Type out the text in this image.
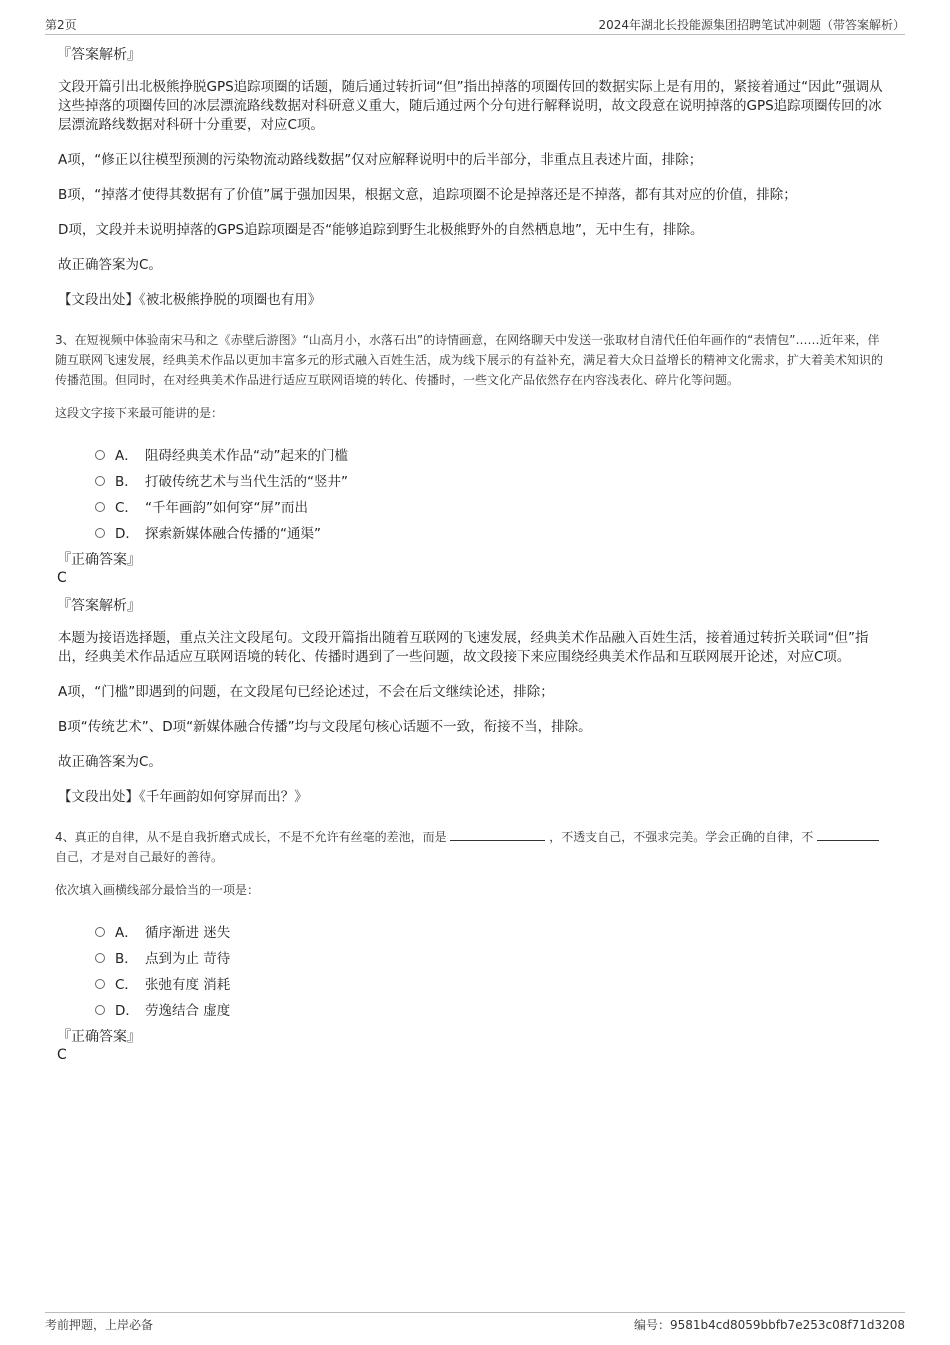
第2页	2024年湖北长投能源集团招聘笔试冲刺题（带答案解析）
『答案解析』
文段开篇引出北极熊挣脱GPS追踪项圈的话题，随后通过转折词“但”指出掉落的项圈传回的数据实际上是有用的，紧接着通过“因此”强调从这些掉落的项圈传回的冰层漂流路线数据对科研意义重大，随后通过两个分句进行解释说明，故文段意在说明掉落的GPS追踪项圈传回的冰层漂流路线数据对科研十分重要，对应C项。
A项，“修正以往模型预测的污染物流动路线数据”仅对应解释说明中的后半部分，非重点且表述片面，排除；
B项，“掉落才使得其数据有了价值”属于强加因果，根据文意，追踪项圈不论是掉落还是不掉落，都有其对应的价值，排除；
D项，文段并未说明掉落的GPS追踪项圈是否“能够追踪到野生北极熊野外的自然栖息地”，无中生有，排除。
故正确答案为C。
【文段出处】《被北极熊挣脱的项圈也有用》
3、在短视频中体验南宋马和之《赤壁后游图》“山高月小，水落石出”的诗情画意，在网络聊天中发送一张取材自清代任伯年画作的“表情包”……近年来，伴随互联网飞速发展，经典美术作品以更加丰富多元的形式融入百姓生活，成为线下展示的有益补充，满足着大众日益增长的精神文化需求，扩大着美术知识的传播范围。但同时，在对经典美术作品进行适应互联网语境的转化、传播时，一些文化产品依然存在内容浅表化、碎片化等问题。
这段文字接下来最可能讲的是：
A． 阻碍经典美术作品“动”起来的门槛
B． 打破传统艺术与当代生活的“竖井”
C． “千年画韵”如何穿“屏”而出
D． 探索新媒体融合传播的“通渠”
『正确答案』
C
『答案解析』
本题为接语选择题，重点关注文段尾句。文段开篇指出随着互联网的飞速发展，经典美术作品融入百姓生活，接着通过转折关联词“但”指出，经典美术作品适应互联网语境的转化、传播时遇到了一些问题，故文段接下来应围绕经典美术作品和互联网展开论述，对应C项。
A项，“门槛”即遇到的问题，在文段尾句已经论述过，不会在后文继续论述，排除；
B项“传统艺术”、D项“新媒体融合传播”均与文段尾句核心话题不一致，衔接不当，排除。
故正确答案为C。
【文段出处】《千年画韵如何穿屏而出？》
4、真正的自律，从不是自我折磨式成长，不是不允许有丝毫的差池，而是	，不透支自己，不强求完美。学会正确的自律，不 自己，才是对自己最好的善待。
依次填入画横线部分最恰当的一项是：
A． 循序渐进 迷失
B． 点到为止 苛待
C． 张弛有度 消耗
D． 劳逸结合 虚度
『正确答案』
C
考前押题，上岸必备	编号：9581b4cd8059bbfb7e253c08f71d3208
